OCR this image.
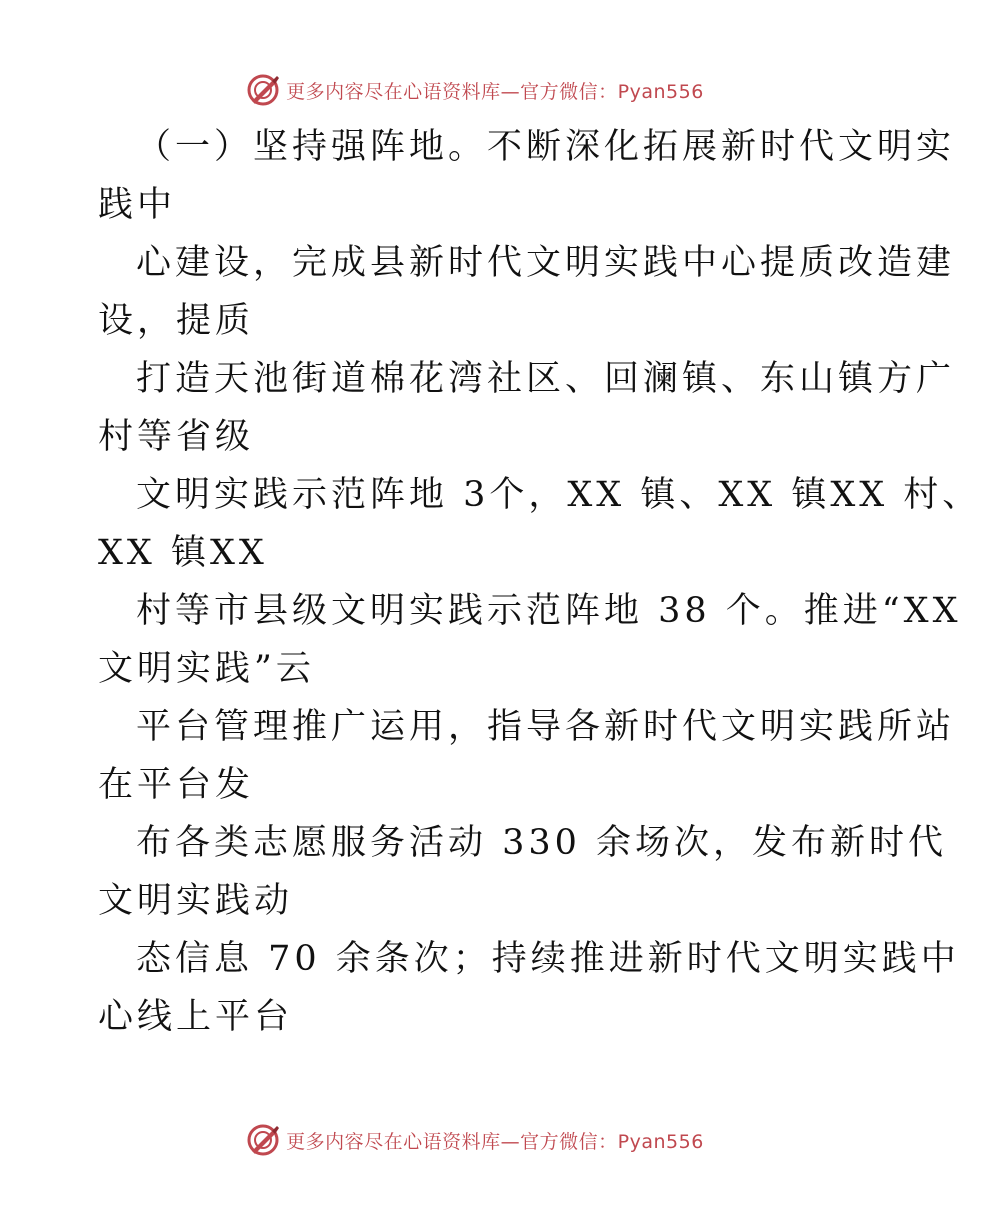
更多内容尽在心语资料库—官方微信：Pyan556
（一）坚持强阵地。不断深化拓展新时代文明实
践中
心建设，完成县新时代文明实践中心提质改造建
设，提质
打造天池街道棉花湾社区、回澜镇、东山镇方广
村等省级
文明实践示范阵地 3个，XX 镇、XX 镇XX 村、
XX 镇XX
村等市县级文明实践示范阵地 38 个。推进“XX
文明实践”云
平台管理推广运用，指导各新时代文明实践所站
在平台发
布各类志愿服务活动 330 余场次，发布新时代
文明实践动
态信息 70 余条次；持续推进新时代文明实践中
心线上平台
更多内容尽在心语资料库—官方微信：Pyan556
